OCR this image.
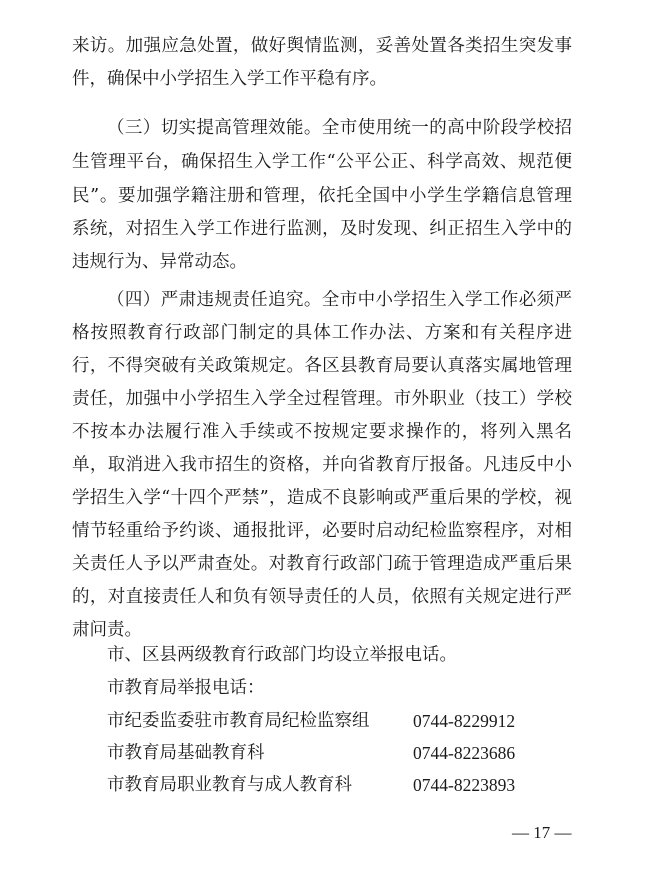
来访。加强应急处置，做好舆情监测，妥善处置各类招生突发事
件，确保中小学招生入学工作平稳有序。
（三）切实提高管理效能。全市使用统一的高中阶段学校招
生管理平台，确保招生入学工作“公平公正、科学高效、规范便
民”。要加强学籍注册和管理，依托全国中小学生学籍信息管理
系统，对招生入学工作进行监测，及时发现、纠正招生入学中的
违规行为、异常动态。
（四）严肃违规责任追究。全市中小学招生入学工作必须严
格按照教育行政部门制定的具体工作办法、方案和有关程序进
行，不得突破有关政策规定。各区县教育局要认真落实属地管理
责任，加强中小学招生入学全过程管理。市外职业（技工）学校
不按本办法履行准入手续或不按规定要求操作的，将列入黑名
单，取消进入我市招生的资格，并向省教育厅报备。凡违反中小
学招生入学“十四个严禁”，造成不良影响或严重后果的学校，视
情节轻重给予约谈、通报批评，必要时启动纪检监察程序，对相
关责任人予以严肃查处。对教育行政部门疏于管理造成严重后果
的，对直接责任人和负有领导责任的人员，依照有关规定进行严
肃问责。
市、区县两级教育行政部门均设立举报电话。
市教育局举报电话：
市纪委监委驻市教育局纪检监察组 0744-8229912
市教育局基础教育科	0744-8223686
市教育局职业教育与成人教育科	0744-8223893
— 17 —
